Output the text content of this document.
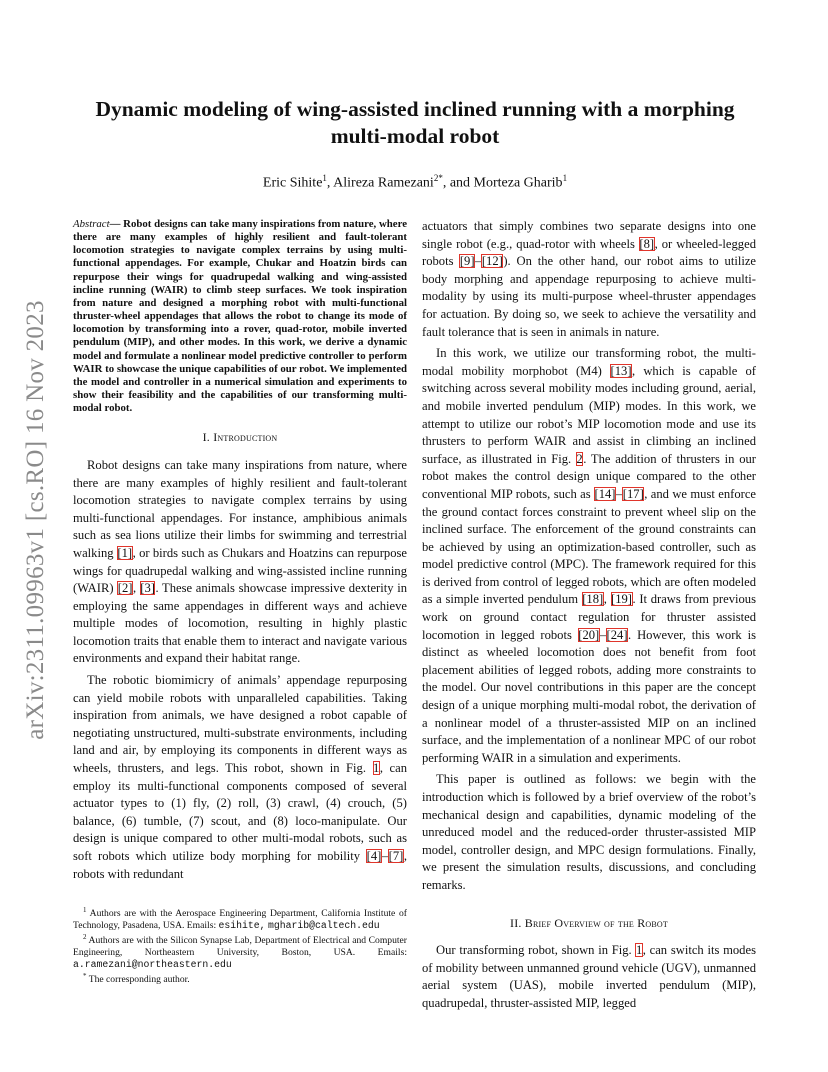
arXiv:2311.09963v1 [cs.RO] 16 Nov 2023
Dynamic modeling of wing-assisted inclined running with a morphing multi-modal robot
Eric Sihite$^1$, Alireza Ramezani$^{2*}$, and Morteza Gharib$^1$

Abstract— Robot designs can take many inspirations from nature, where there are many examples of highly resilient and fault-tolerant locomotion strategies to navigate complex terrains by using multi-functional appendages. For example, Chukar and Hoatzin birds can repurpose their wings for quadrupedal walking and wing-assisted incline running (WAIR) to climb steep surfaces. We took inspiration from nature and designed a morphing robot with multi-functional thruster-wheel appendages that allows the robot to change its mode of locomotion by transforming into a rover, quad-rotor, mobile inverted pendulum (MIP), and other modes. In this work, we derive a dynamic model and formulate a nonlinear model predictive controller to perform WAIR to showcase the unique capabilities of our robot. We implemented the model and controller in a numerical simulation and experiments to show their feasibility and the capabilities of our transforming multi-modal robot.

I. Introduction

Robot designs can take many inspirations from nature, where there are many examples of highly resilient and fault-tolerant locomotion strategies to navigate complex terrains by using multi-functional appendages. For instance, amphibious animals such as sea lions utilize their limbs for swimming and terrestrial walking [1], or birds such as Chukars and Hoatzins can repurpose wings for quadrupedal walking and wing-assisted incline running (WAIR) [2], [3]. These animals showcase impressive dexterity in employing the same appendages in different ways and achieve multiple modes of locomotion, resulting in highly plastic locomotion traits that enable them to interact and navigate various environments and expand their habitat range.

The robotic biomimicry of animals’ appendage repurposing can yield mobile robots with unparalleled capabilities. Taking inspiration from animals, we have designed a robot capable of negotiating unstructured, multi-substrate environments, including land and air, by employing its components in different ways as wheels, thrusters, and legs. This robot, shown in Fig. 1, can employ its multi-functional components composed of several actuator types to (1) fly, (2) roll, (3) crawl, (4) crouch, (5) balance, (6) tumble, (7) scout, and (8) loco-manipulate. Our design is unique compared to other multi-modal robots, such as soft robots which utilize body morphing for mobility [4]–[7], robots with redundant

$^1$ Authors are with the Aerospace Engineering Department, California Institute of Technology, Pasadena, USA. Emails: esihite, mgharib@caltech.edu

$^2$ Authors are with the Silicon Synapse Lab, Department of Electrical and Computer Engineering, Northeastern University, Boston, USA. Emails: a.ramezani@northeastern.edu

* The corresponding author.

actuators that simply combines two separate designs into one single robot (e.g., quad-rotor with wheels [8], or wheeled-legged robots [9]–[12]). On the other hand, our robot aims to utilize body morphing and appendage repurposing to achieve multi-modality by using its multi-purpose wheel-thruster appendages for actuation. By doing so, we seek to achieve the versatility and fault tolerance that is seen in animals in nature.

In this work, we utilize our transforming robot, the multi-modal mobility morphobot (M4) [13], which is capable of switching across several mobility modes including ground, aerial, and mobile inverted pendulum (MIP) modes. In this work, we attempt to utilize our robot’s MIP locomotion mode and use its thrusters to perform WAIR and assist in climbing an inclined surface, as illustrated in Fig. 2. The addition of thrusters in our robot makes the control design unique compared to the other conventional MIP robots, such as [14]–[17], and we must enforce the ground contact forces constraint to prevent wheel slip on the inclined surface. The enforcement of the ground constraints can be achieved by using an optimization-based controller, such as model predictive control (MPC). The framework required for this is derived from control of legged robots, which are often modeled as a simple inverted pendulum [18], [19]. It draws from previous work on ground contact regulation for thruster assisted locomotion in legged robots [20]–[24]. However, this work is distinct as wheeled locomotion does not benefit from foot placement abilities of legged robots, adding more constraints to the model. Our novel contributions in this paper are the concept design of a unique morphing multi-modal robot, the derivation of a nonlinear model of a thruster-assisted MIP on an inclined surface, and the implementation of a nonlinear MPC of our robot performing WAIR in a simulation and experiments.

This paper is outlined as follows: we begin with the introduction which is followed by a brief overview of the robot’s mechanical design and capabilities, dynamic modeling of the unreduced model and the reduced-order thruster-assisted MIP model, controller design, and MPC design formulations. Finally, we present the simulation results, discussions, and concluding remarks.

II. Brief Overview of the Robot

Our transforming robot, shown in Fig. 1, can switch its modes of mobility between unmanned ground vehicle (UGV), unmanned aerial system (UAS), mobile inverted pendulum (MIP), quadrupedal, thruster-assisted MIP, legged
